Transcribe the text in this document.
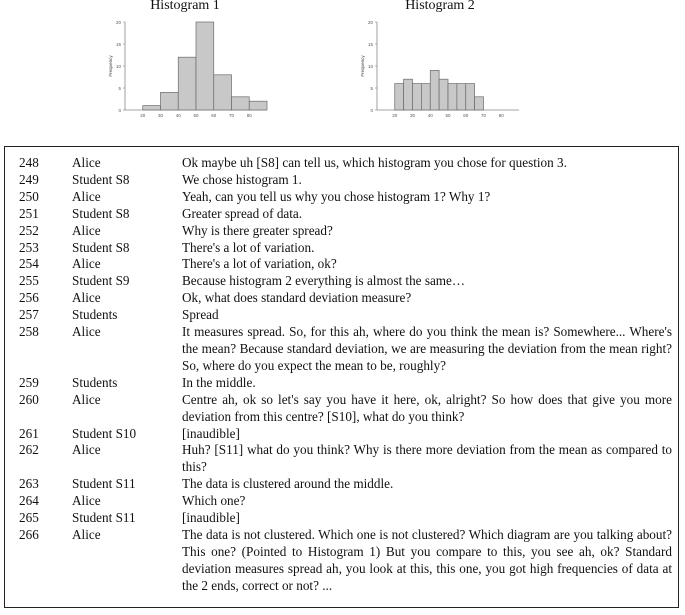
Histogram 1
0
5
10
15
20
20	30	40	50	60	70	80
Frequency
Histogram 2
0
5
10
15
20
20	30	40	50	60	70	80
Frequency
248	Alice	Ok maybe uh [S8] can tell us, which histogram you chose for question 3.
249	Student S8	We chose histogram 1.
250	Alice	Yeah, can you tell us why you chose histogram 1? Why 1?
251	Student S8	Greater spread of data.
252	Alice	Why is there greater spread?
253	Student S8	There's a lot of variation.
254	Alice	There's a lot of variation, ok?
255	Student S9	Because histogram 2 everything is almost the same…
256	Alice	Ok, what does standard deviation measure?
257	Students	Spread
258	Alice	It measures spread. So, for this ah, where do you think the mean is? Somewhere... Where's the mean? Because standard deviation, we are measuring the deviation from the mean right? So, where do you expect the mean to be, roughly?
259	Students	In the middle.
260	Alice	Centre ah, ok so let's say you have it here, ok, alright? So how does that give you more deviation from this centre? [S10], what do you think?
261	Student S10	[inaudible]
262	Alice	Huh? [S11] what do you think? Why is there more deviation from the mean as compared to this?
263	Student S11	The data is clustered around the middle.
264	Alice	Which one?
265	Student S11	[inaudible]
266	Alice	The data is not clustered. Which one is not clustered? Which diagram are you talking about? This one? (Pointed to Histogram 1) But you compare to this, you see ah, ok? Standard deviation measures spread ah, you look at this, this one, you got high frequencies of data at the 2 ends, correct or not? ...
